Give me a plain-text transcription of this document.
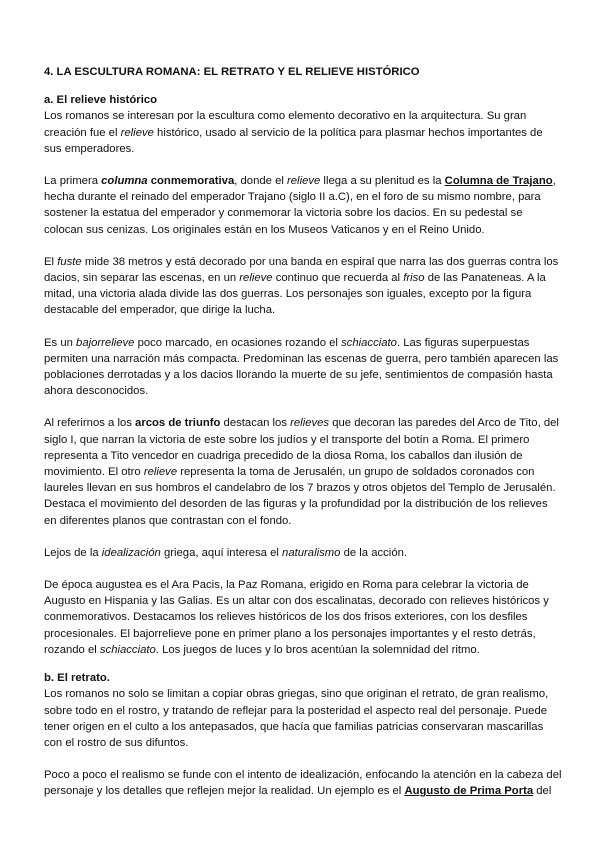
4. LA ESCULTURA ROMANA: EL RETRATO Y EL RELIEVE HISTÓRICO
a. El relieve histórico

Los romanos se interesan por la escultura como elemento decorativo en la arquitectura. Su gran creación fue el relieve histórico, usado al servicio de la política para plasmar hechos importantes de sus emperadores.

La primera columna conmemorativa, donde el relieve llega a su plenitud es la Columna de Trajano, hecha durante el reinado del emperador Trajano (siglo II a.C), en el foro de su mismo nombre, para sostener la estatua del emperador y conmemorar la victoria sobre los dacios. En su pedestal se colocan sus cenizas. Los originales están en los Museos Vaticanos y en el Reino Unido.

El fuste mide 38 metros y está decorado por una banda en espiral que narra las dos guerras contra los dacios, sin separar las escenas, en un relieve continuo que recuerda al friso de las Panateneas. A la mitad, una victoria alada divide las dos guerras. Los personajes son iguales, excepto por la figura destacable del emperador, que dirige la lucha.

Es un bajorrelieve poco marcado, en ocasiones rozando el schiacciato. Las figuras superpuestas permiten una narración más compacta. Predominan las escenas de guerra, pero también aparecen las poblaciones derrotadas y a los dacios llorando la muerte de su jefe, sentimientos de compasión hasta ahora desconocidos.

Al referirnos a los arcos de triunfo destacan los relieves que decoran las paredes del Arco de Tito, del siglo I, que narran la victoria de este sobre los judíos y el transporte del botín a Roma. El primero representa a Tito vencedor en cuadriga precedido de la diosa Roma, los caballos dan ilusión de movimiento. El otro relieve representa la toma de Jerusalén, un grupo de soldados coronados con laureles llevan en sus hombros el candelabro de los 7 brazos y otros objetos del Templo de Jerusalén. Destaca el movimiento del desorden de las figuras y la profundidad por la distribución de los relieves en diferentes planos que contrastan con el fondo.

Lejos de la idealización griega, aquí interesa el naturalismo de la acción.

De época augustea es el Ara Pacis, la Paz Romana, erigido en Roma para celebrar la victoria de Augusto en Hispania y las Galias. Es un altar con dos escalinatas, decorado con relieves históricos y conmemorativos. Destacamos los relieves históricos de los dos frisos exteriores, con los desfiles procesionales. El bajorrelieve pone en primer plano a los personajes importantes y el resto detrás, rozando el schiacciato. Los juegos de luces y lo bros acentúan la solemnidad del ritmo.

b. El retrato.

Los romanos no solo se limitan a copiar obras griegas, sino que originan el retrato, de gran realismo, sobre todo en el rostro, y tratando de reflejar para la posteridad el aspecto real del personaje. Puede tener origen en el culto a los antepasados, que hacía que familias patricias conservaran mascarillas con el rostro de sus difuntos.

Poco a poco el realismo se funde con el intento de idealización, enfocando la atención en la cabeza del personaje y los detalles que reflejen mejor la realidad. Un ejemplo es el Augusto de Prima Porta del
